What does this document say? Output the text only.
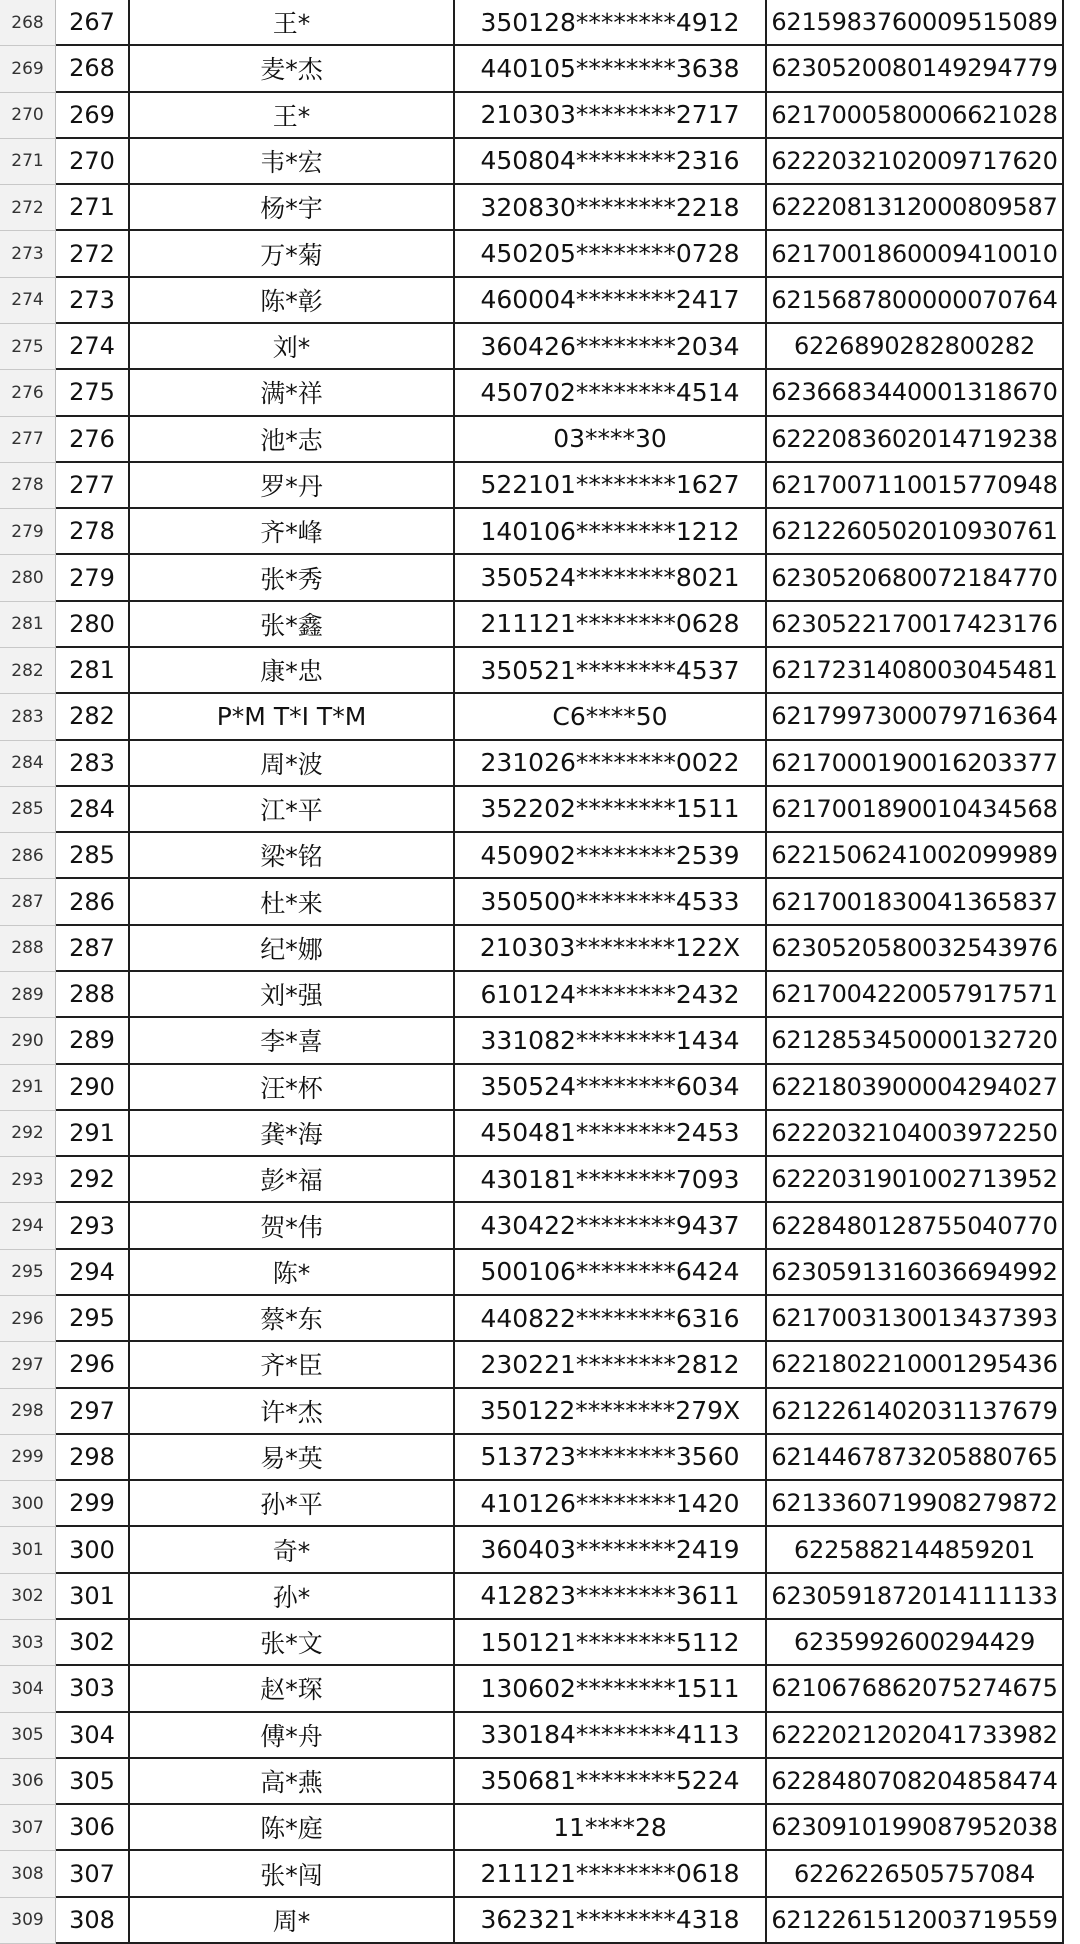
268	267	王*	350128********4912	6215983760009515089
269	268	麦*杰	440105********3638	6230520080149294779
270	269	王*	210303********2717	6217000580006621028
271	270	韦*宏	450804********2316	6222032102009717620
272	271	杨*宇	320830********2218	6222081312000809587
273	272	万*菊	450205********0728	6217001860009410010
274	273	陈*彰	460004********2417	6215687800000070764
275	274	刘*	360426********2034	6226890282800282
276	275	满*祥	450702********4514	6236683440001318670
277	276	池*志	03****30	6222083602014719238
278	277	罗*丹	522101********1627	6217007110015770948
279	278	齐*峰	140106********1212	6212260502010930761
280	279	张*秀	350524********8021	6230520680072184770
281	280	张*鑫	211121********0628	6230522170017423176
282	281	康*忠	350521********4537	6217231408003045481
283	282	P*M T*I T*M	C6****50	6217997300079716364
284	283	周*波	231026********0022	6217000190016203377
285	284	江*平	352202********1511	6217001890010434568
286	285	梁*铭	450902********2539	6221506241002099989
287	286	杜*来	350500********4533	6217001830041365837
288	287	纪*娜	210303********122X	6230520580032543976
289	288	刘*强	610124********2432	6217004220057917571
290	289	李*喜	331082********1434	6212853450000132720
291	290	汪*杯	350524********6034	6221803900004294027
292	291	龚*海	450481********2453	6222032104003972250
293	292	彭*福	430181********7093	6222031901002713952
294	293	贺*伟	430422********9437	6228480128755040770
295	294	陈*	500106********6424	6230591316036694992
296	295	蔡*东	440822********6316	6217003130013437393
297	296	齐*臣	230221********2812	6221802210001295436
298	297	许*杰	350122********279X	6212261402031137679
299	298	易*英	513723********3560	6214467873205880765
300	299	孙*平	410126********1420	6213360719908279872
301	300	奇*	360403********2419	6225882144859201
302	301	孙*	412823********3611	6230591872014111133
303	302	张*文	150121********5112	6235992600294429
304	303	赵*琛	130602********1511	6210676862075274675
305	304	傅*舟	330184********4113	6222021202041733982
306	305	高*燕	350681********5224	6228480708204858474
307	306	陈*庭	11****28	6230910199087952038
308	307	张*闯	211121********0618	6226226505757084
309	308	周*	362321********4318	6212261512003719559
